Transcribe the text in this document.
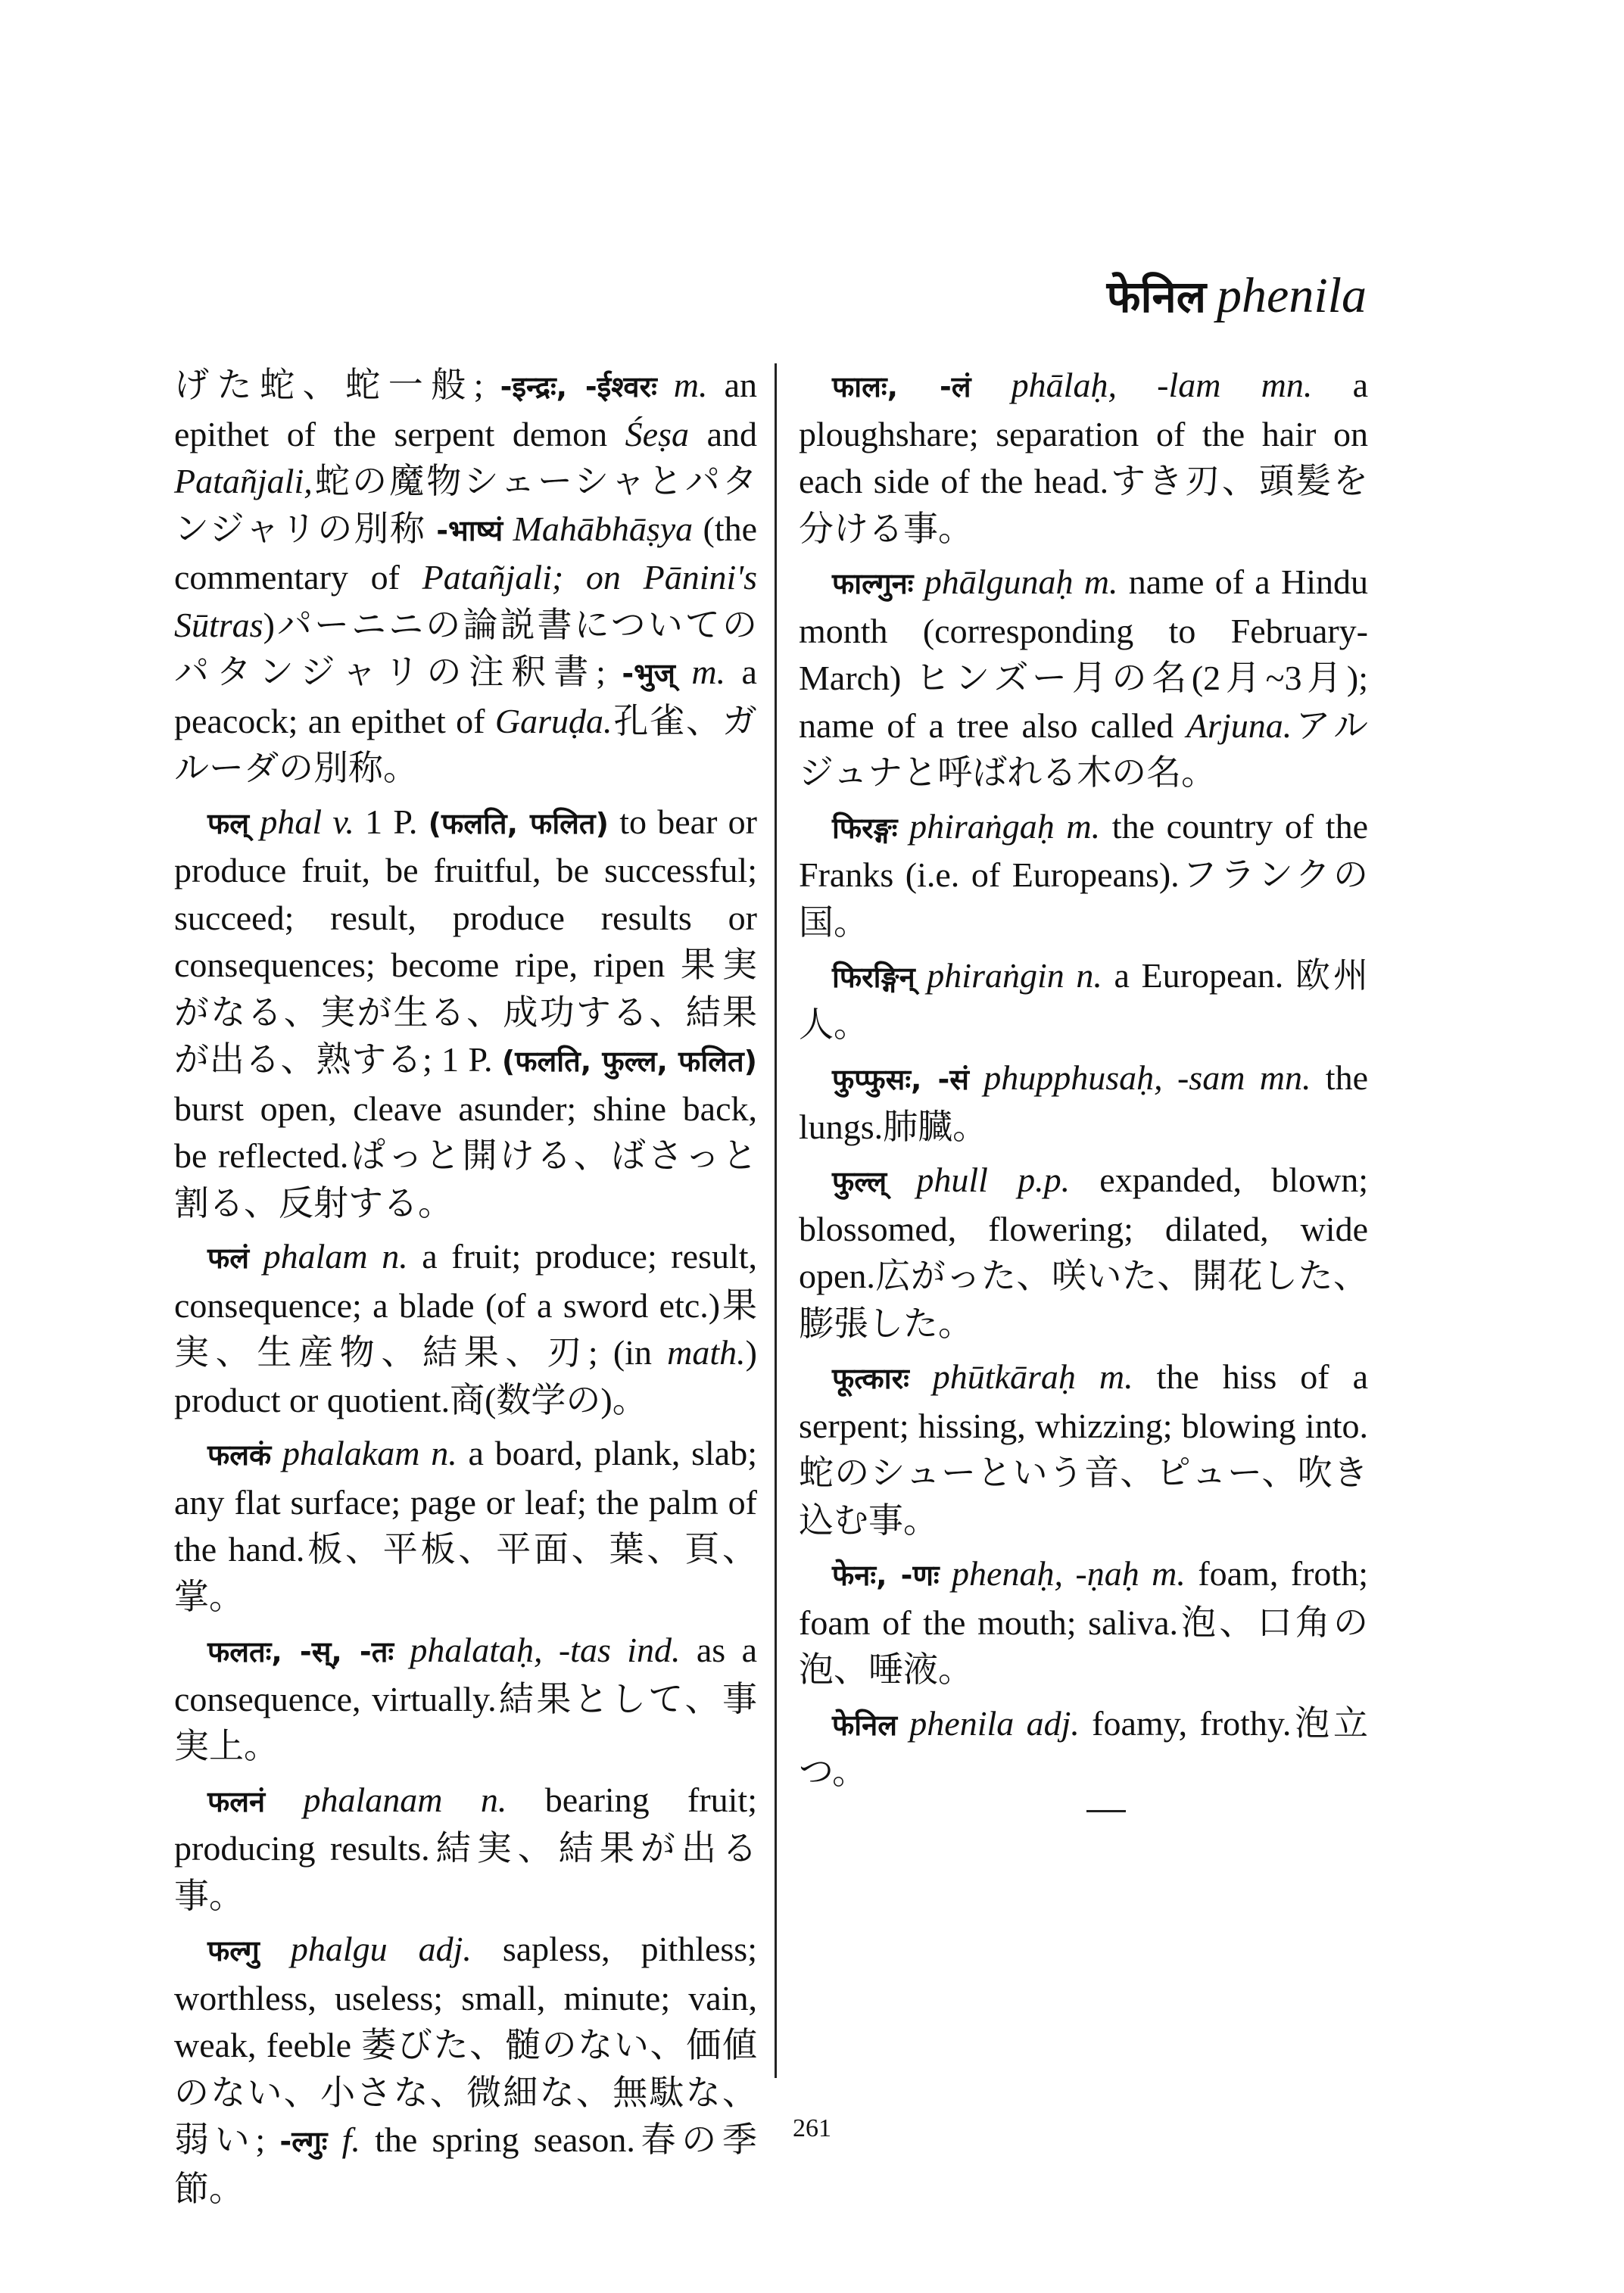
फेनिल phenila

げた蛇、蛇一般; -इन्द्रः, -ईश्वरः m. an epithet of the serpent demon Śeṣa and Patañjali,蛇の魔物シェーシャとパタンジャリの別称 -भाष्यं Mahābhāṣya (the commentary of Patañjali; on Pānini's Sūtras)パーニニの論説書についてのパタンジャリの注釈書; -भुज् m. a peacock; an epithet of Garuḍa.孔雀、ガルーダの別称。

फल् phal v. 1 P. (फलति, फलित) to bear or produce fruit, be fruitful, be successful; succeed; result, produce results or consequences; become ripe, ripen 果実がなる、実が生る、成功する、結果が出る、熟する; 1 P. (फलति, फुल्ल, फलित) burst open, cleave asunder; shine back, be reflected.ぱっと開ける、ばさっと割る、反射する。

फलं phalam n. a fruit; produce; result, consequence; a blade (of a sword etc.)果実、生産物、結果、刃; (in math.) product or quotient.商(数学の)。

फलकं phalakam n. a board, plank, slab; any flat surface; page or leaf; the palm of the hand.板、平板、平面、葉、頁、掌。

फलतः, -स्, -तः phalataḥ, -tas ind. as a consequence, virtually.結果として、事実上。

फलनं phalanam n. bearing fruit; producing results.結実、結果が出る事。

फल्गु phalgu adj. sapless, pithless; worthless, useless; small, minute; vain, weak, feeble 萎びた、髄のない、価値のない、小さな、微細な、無駄な、弱い; -ल्गुः f. the spring season.春の季節。

फालः, -लं phālaḥ, -lam mn. a ploughshare; separation of the hair on each side of the head.すき刃、頭髪を分ける事。

फाल्गुनः phālgunaḥ m. name of a Hindu month (corresponding to February-March) ヒンズー月の名(2月~3月); name of a tree also called Arjuna.アルジュナと呼ばれる木の名。

फिरङ्गः phiraṅgaḥ m. the country of the Franks (i.e. of Europeans).フランクの国。

फिरङ्गिन् phiraṅgin n. a European. 欧州人。

फुप्फुसः, -सं phupphusaḥ, -sam mn. the lungs.肺臓。

फुल्ल् phull p.p. expanded, blown; blossomed, flowering; dilated, wide open.広がった、咲いた、開花した、膨張した。

फूत्कारः phūtkāraḥ m. the hiss of a serpent; hissing, whizzing; blowing into.蛇のシューという音、ピュー、吹き込む事。

फेनः, -णः phenaḥ, -ṇaḥ m. foam, froth; foam of the mouth; saliva.泡、口角の泡、唾液。

फेनिल phenila adj. foamy, frothy.泡立つ。

261
